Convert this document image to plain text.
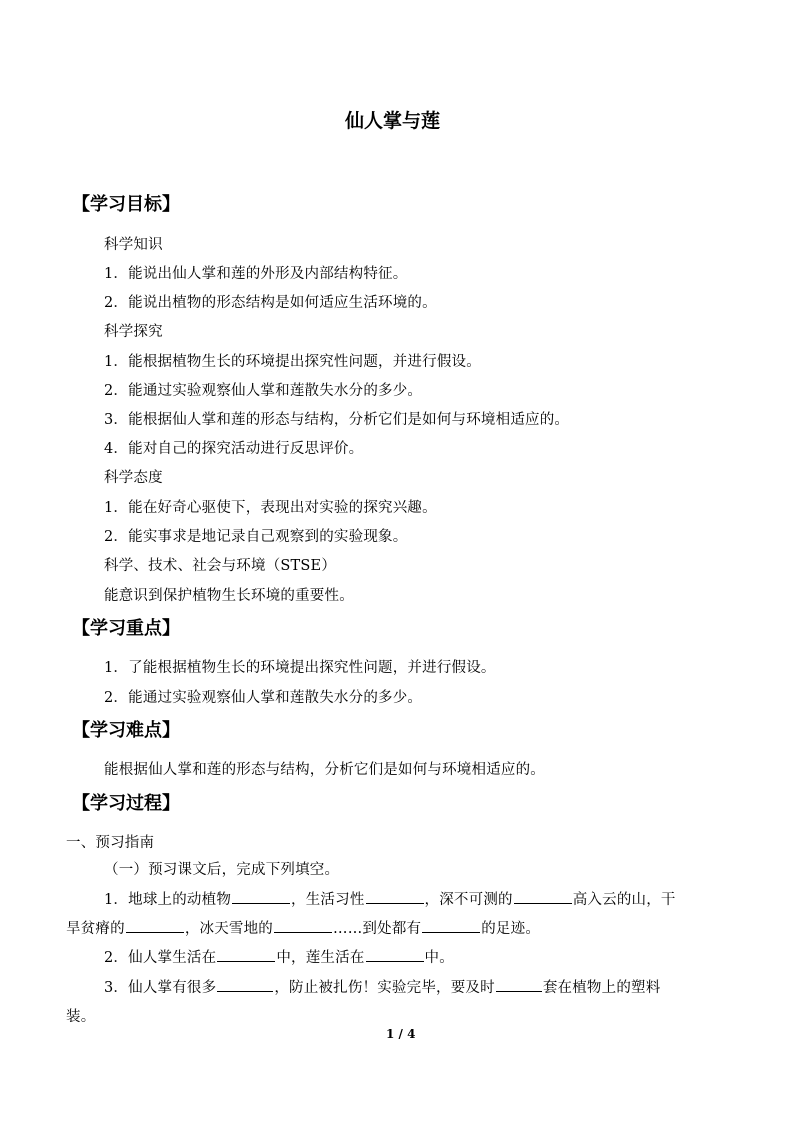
仙人掌与莲
【学习目标】
科学知识
1．能说出仙人掌和莲的外形及内部结构特征。
2．能说出植物的形态结构是如何适应生活环境的。
科学探究
1．能根据植物生长的环境提出探究性问题，并进行假设。
2．能通过实验观察仙人掌和莲散失水分的多少。
3．能根据仙人掌和莲的形态与结构，分析它们是如何与环境相适应的。
4．能对自己的探究活动进行反思评价。
科学态度
1．能在好奇心驱使下，表现出对实验的探究兴趣。
2．能实事求是地记录自己观察到的实验现象。
科学、技术、社会与环境（STSE）
能意识到保护植物生长环境的重要性。
【学习重点】
1．了能根据植物生长的环境提出探究性问题，并进行假设。
2．能通过实验观察仙人掌和莲散失水分的多少。
【学习难点】
能根据仙人掌和莲的形态与结构，分析它们是如何与环境相适应的。
【学习过程】
一、预习指南
（一）预习课文后，完成下列填空。
1．地球上的动植物	，生活习性	，深不可测的	高入云的山，干
旱贫瘠的	，冰天雪地的	……到处都有	的足迹。
2．仙人掌生活在	中，莲生活在	中。
3．仙人掌有很多	，防止被扎伤！实验完毕，要及时	套在植物上的塑料
装。
1 / 4
